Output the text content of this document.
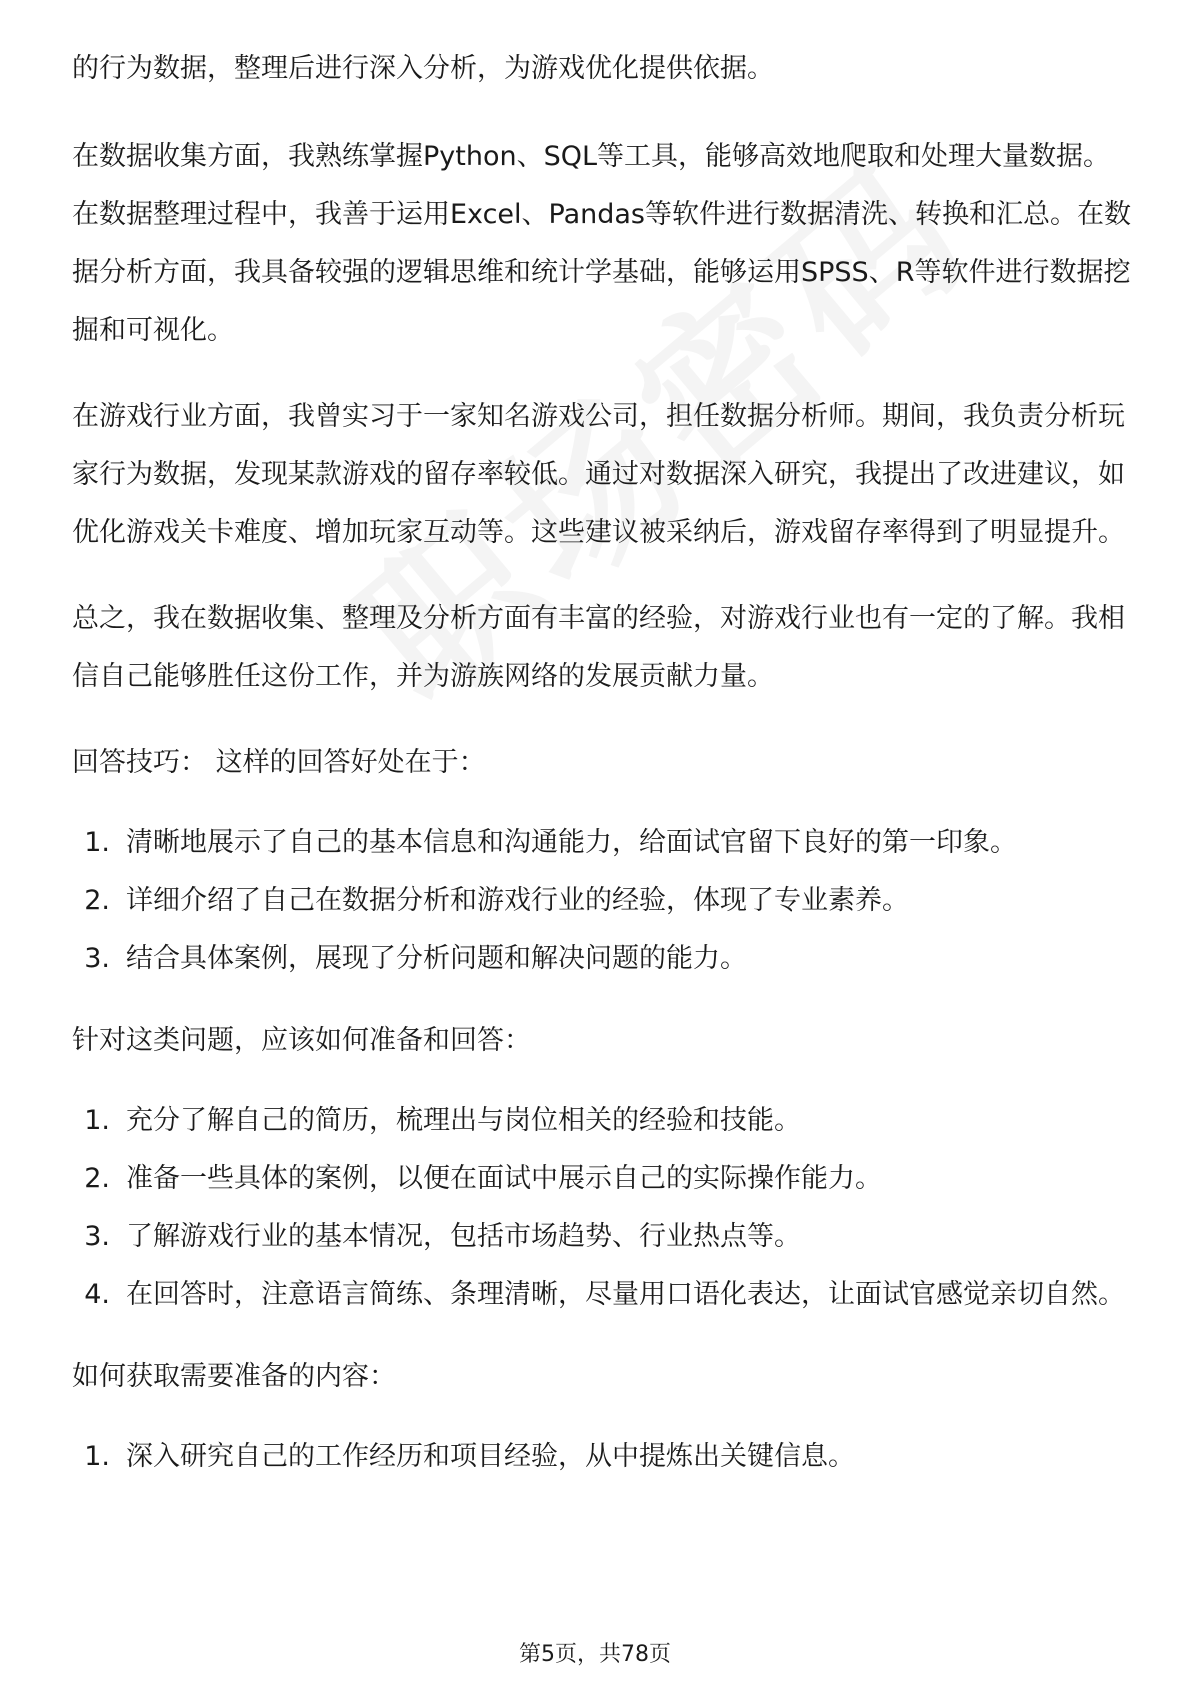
的行为数据，整理后进行深入分析，为游戏优化提供依据。

在数据收集方面，我熟练掌握Python、SQL等工具，能够高效地爬取和处理大量数据。在数据整理过程中，我善于运用Excel、Pandas等软件进行数据清洗、转换和汇总。在数据分析方面，我具备较强的逻辑思维和统计学基础，能够运用SPSS、R等软件进行数据挖掘和可视化。

在游戏行业方面，我曾实习于一家知名游戏公司，担任数据分析师。期间，我负责分析玩家行为数据，发现某款游戏的留存率较低。通过对数据深入研究，我提出了改进建议，如优化游戏关卡难度、增加玩家互动等。这些建议被采纳后，游戏留存率得到了明显提升。

总之，我在数据收集、整理及分析方面有丰富的经验，对游戏行业也有一定的了解。我相信自己能够胜任这份工作，并为游族网络的发展贡献力量。

回答技巧： 这样的回答好处在于：
1. 清晰地展示了自己的基本信息和沟通能力，给面试官留下良好的第一印象。
2. 详细介绍了自己在数据分析和游戏行业的经验，体现了专业素养。
3. 结合具体案例，展现了分析问题和解决问题的能力。
针对这类问题，应该如何准备和回答：
1. 充分了解自己的简历，梳理出与岗位相关的经验和技能。
2. 准备一些具体的案例，以便在面试中展示自己的实际操作能力。
3. 了解游戏行业的基本情况，包括市场趋势、行业热点等。
4. 在回答时，注意语言简练、条理清晰，尽量用口语化表达，让面试官感觉亲切自然。
如何获取需要准备的内容：
1. 深入研究自己的工作经历和项目经验，从中提炼出关键信息。
第5页，共78页
